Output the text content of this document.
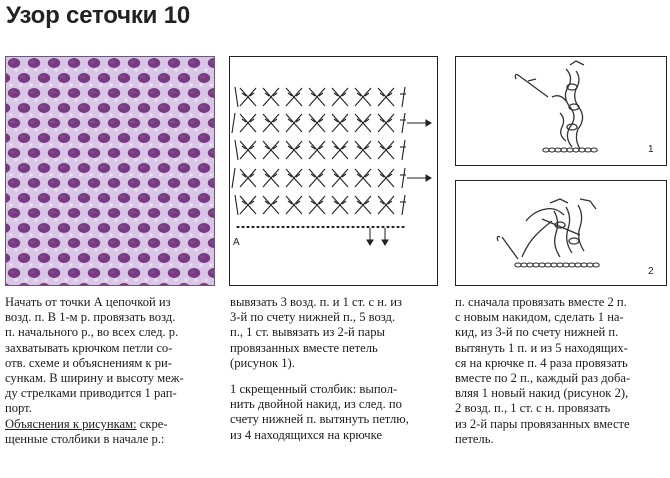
Узор сеточки 10
A
1
2

Начать от точки А цепочкой из

возд. п. В 1-м р. провязать возд.

п. начального р., во всех след. р.

захватывать крючком петли со-

отв. схеме и объяснениям к ри-

сункам. В ширину и высоту меж-

ду стрелками приводится 1 рап-

порт.

Объяснения к рисункам: скре-

щенные столбики в начале р.:

вывязать 3 возд. п. и 1 ст. с н. из

3-й по счету нижней п., 5 возд.

п., 1 ст. вывязать из 2-й пары

провязанных вместе петель

(рисунок 1).

1 скрещенный столбик: выпол-

нить двойной накид, из след. по

счету нижней п. вытянуть петлю,

из 4 находящихся на крючке

п. сначала провязать вместе 2 п.

с новым накидом, сделать 1 на-

кид, из 3-й по счету нижней п.

вытянуть 1 п. и из 5 находящих-

ся на крючке п. 4 раза провязать

вместе по 2 п., каждый раз доба-

вляя 1 новый накид (рисунок 2),

2 возд. п., 1 ст. с н. провязать

из 2-й пары провязанных вместе

петель.
